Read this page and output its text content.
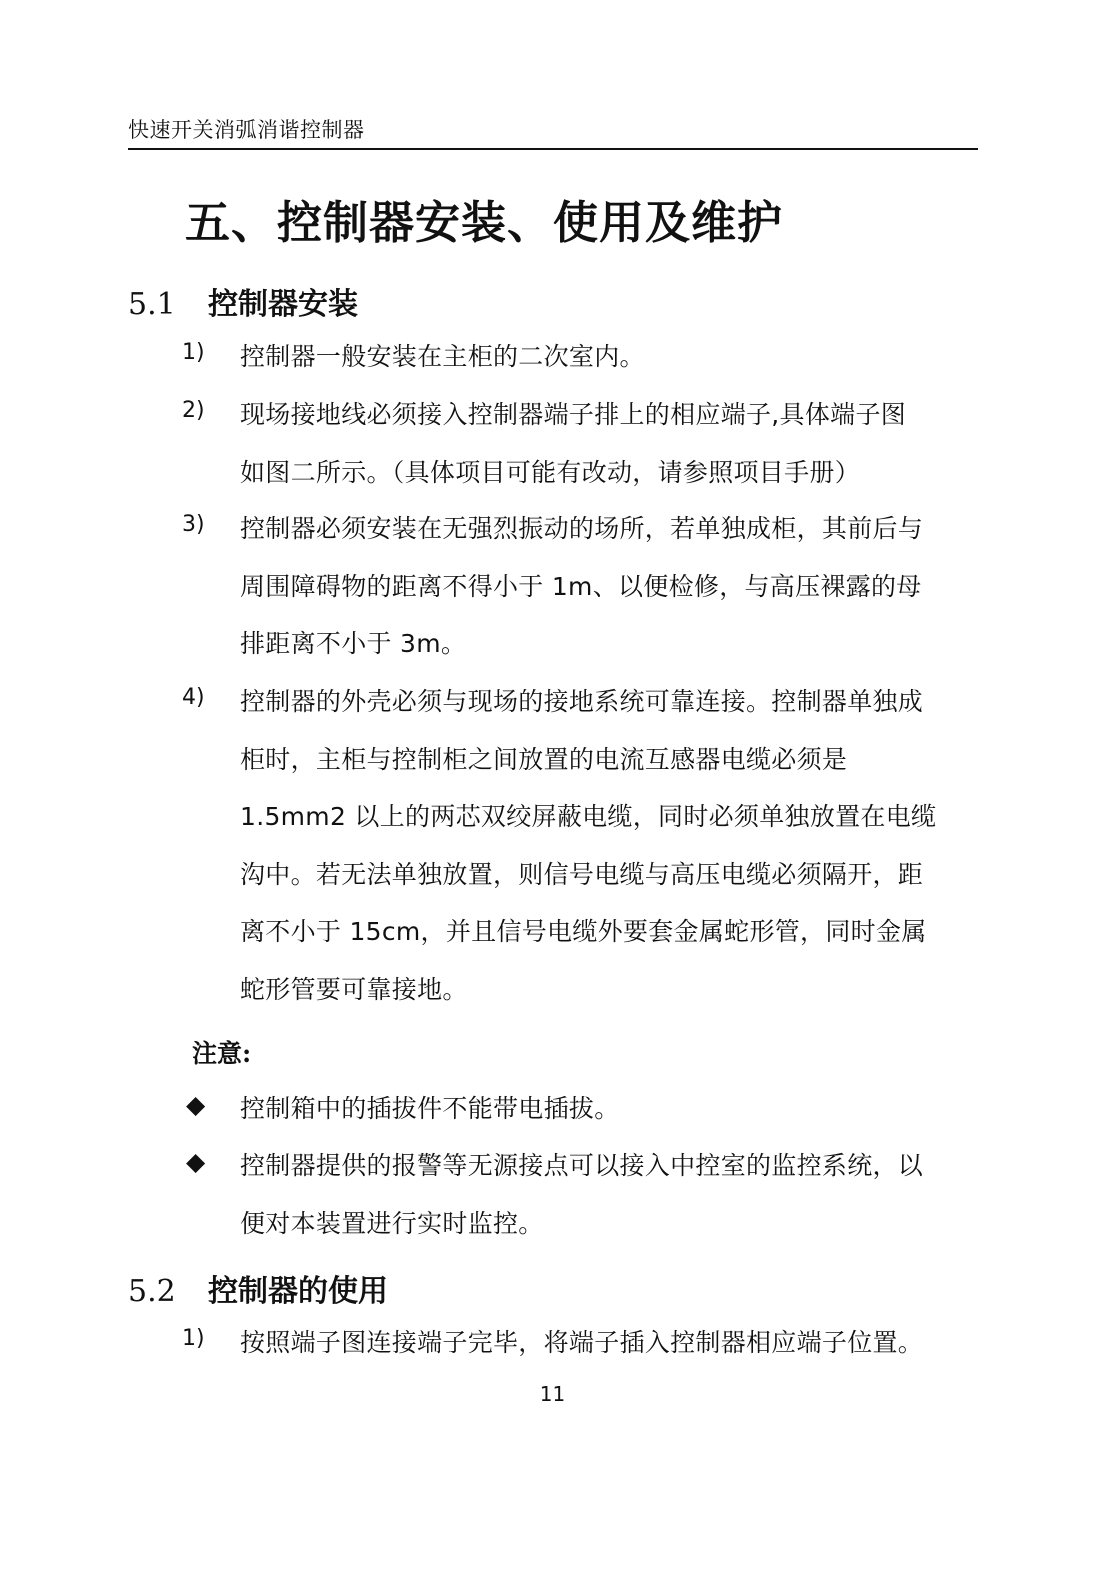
快速开关消弧消谐控制器
五、控制器安装、使用及维护
5.1 控制器安装
1)	控制器一般安装在主柜的二次室内。
2)	现场接地线必须接入控制器端子排上的相应端子,具体端子图
如图二所示。（具体项目可能有改动，请参照项目手册）
3)	控制器必须安装在无强烈振动的场所，若单独成柜，其前后与
周围障碍物的距离不得小于 1m、以便检修，与高压裸露的母
排距离不小于 3m。
4)	控制器的外壳必须与现场的接地系统可靠连接。控制器单独成
柜时，主柜与控制柜之间放置的电流互感器电缆必须是
1.5mm2 以上的两芯双绞屏蔽电缆，同时必须单独放置在电缆
沟中。若无法单独放置，则信号电缆与高压电缆必须隔开，距
离不小于 15cm，并且信号电缆外要套金属蛇形管，同时金属
蛇形管要可靠接地。
注意:
◆ 控制箱中的插拔件不能带电插拔。
◆ 控制器提供的报警等无源接点可以接入中控室的监控系统，以
便对本装置进行实时监控。
5.2 控制器的使用
1)	按照端子图连接端子完毕，将端子插入控制器相应端子位置。
11
